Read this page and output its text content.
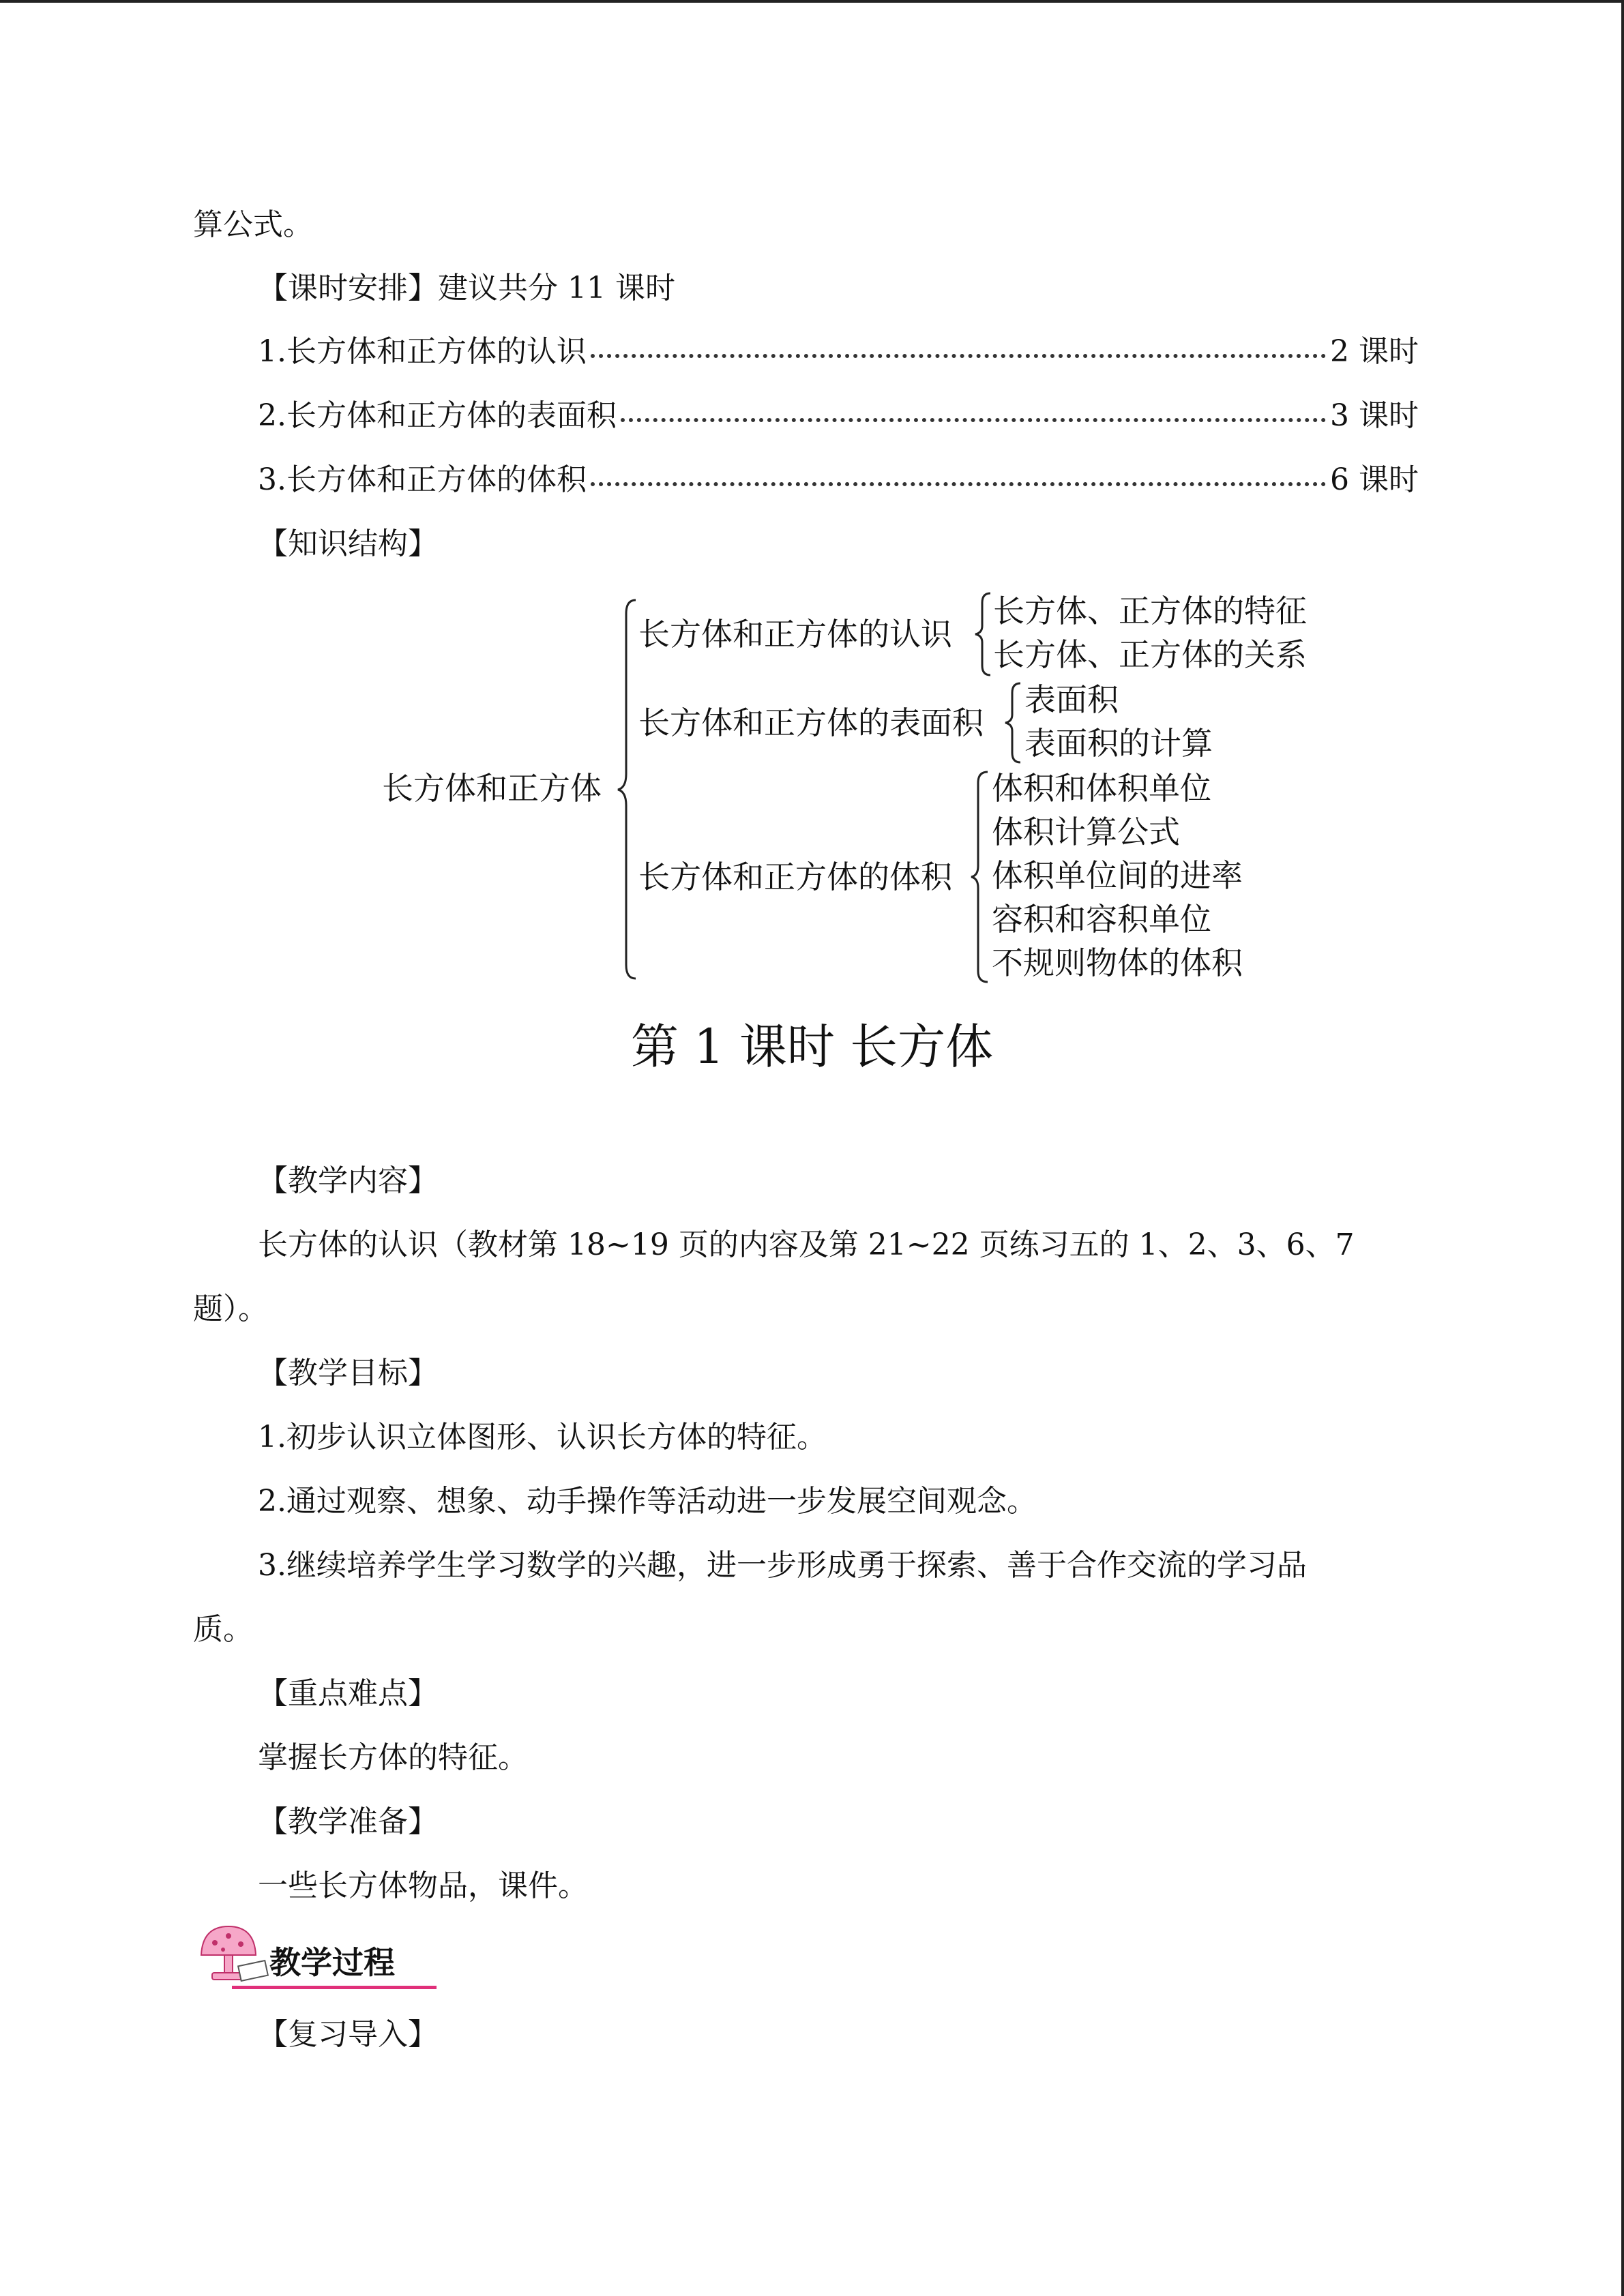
算公式。
【课时安排】建议共分 11 课时
1.长方体和正方体的认识	2 课时
2.长方体和正方体的表面积	3 课时
3.长方体和正方体的体积	6 课时
【知识结构】
长方体和正方体
长方体和正方体的认识
长方体、正方体的特征
长方体、正方体的关系
长方体和正方体的表面积
表面积
表面积的计算
长方体和正方体的体积
体积和体积单位
体积计算公式
体积单位间的进率
容积和容积单位
不规则物体的体积
第 1 课时 长方体
【教学内容】
长方体的认识（教材第 18~19 页的内容及第 21~22 页练习五的 1、2、3、6、7
题）。
【教学目标】
1.初步认识立体图形、认识长方体的特征。
2.通过观察、想象、动手操作等活动进一步发展空间观念。
3.继续培养学生学习数学的兴趣，进一步形成勇于探索、善于合作交流的学习品
质。
【重点难点】
掌握长方体的特征。
【教学准备】
一些长方体物品，课件。
教学过程
【复习导入】
